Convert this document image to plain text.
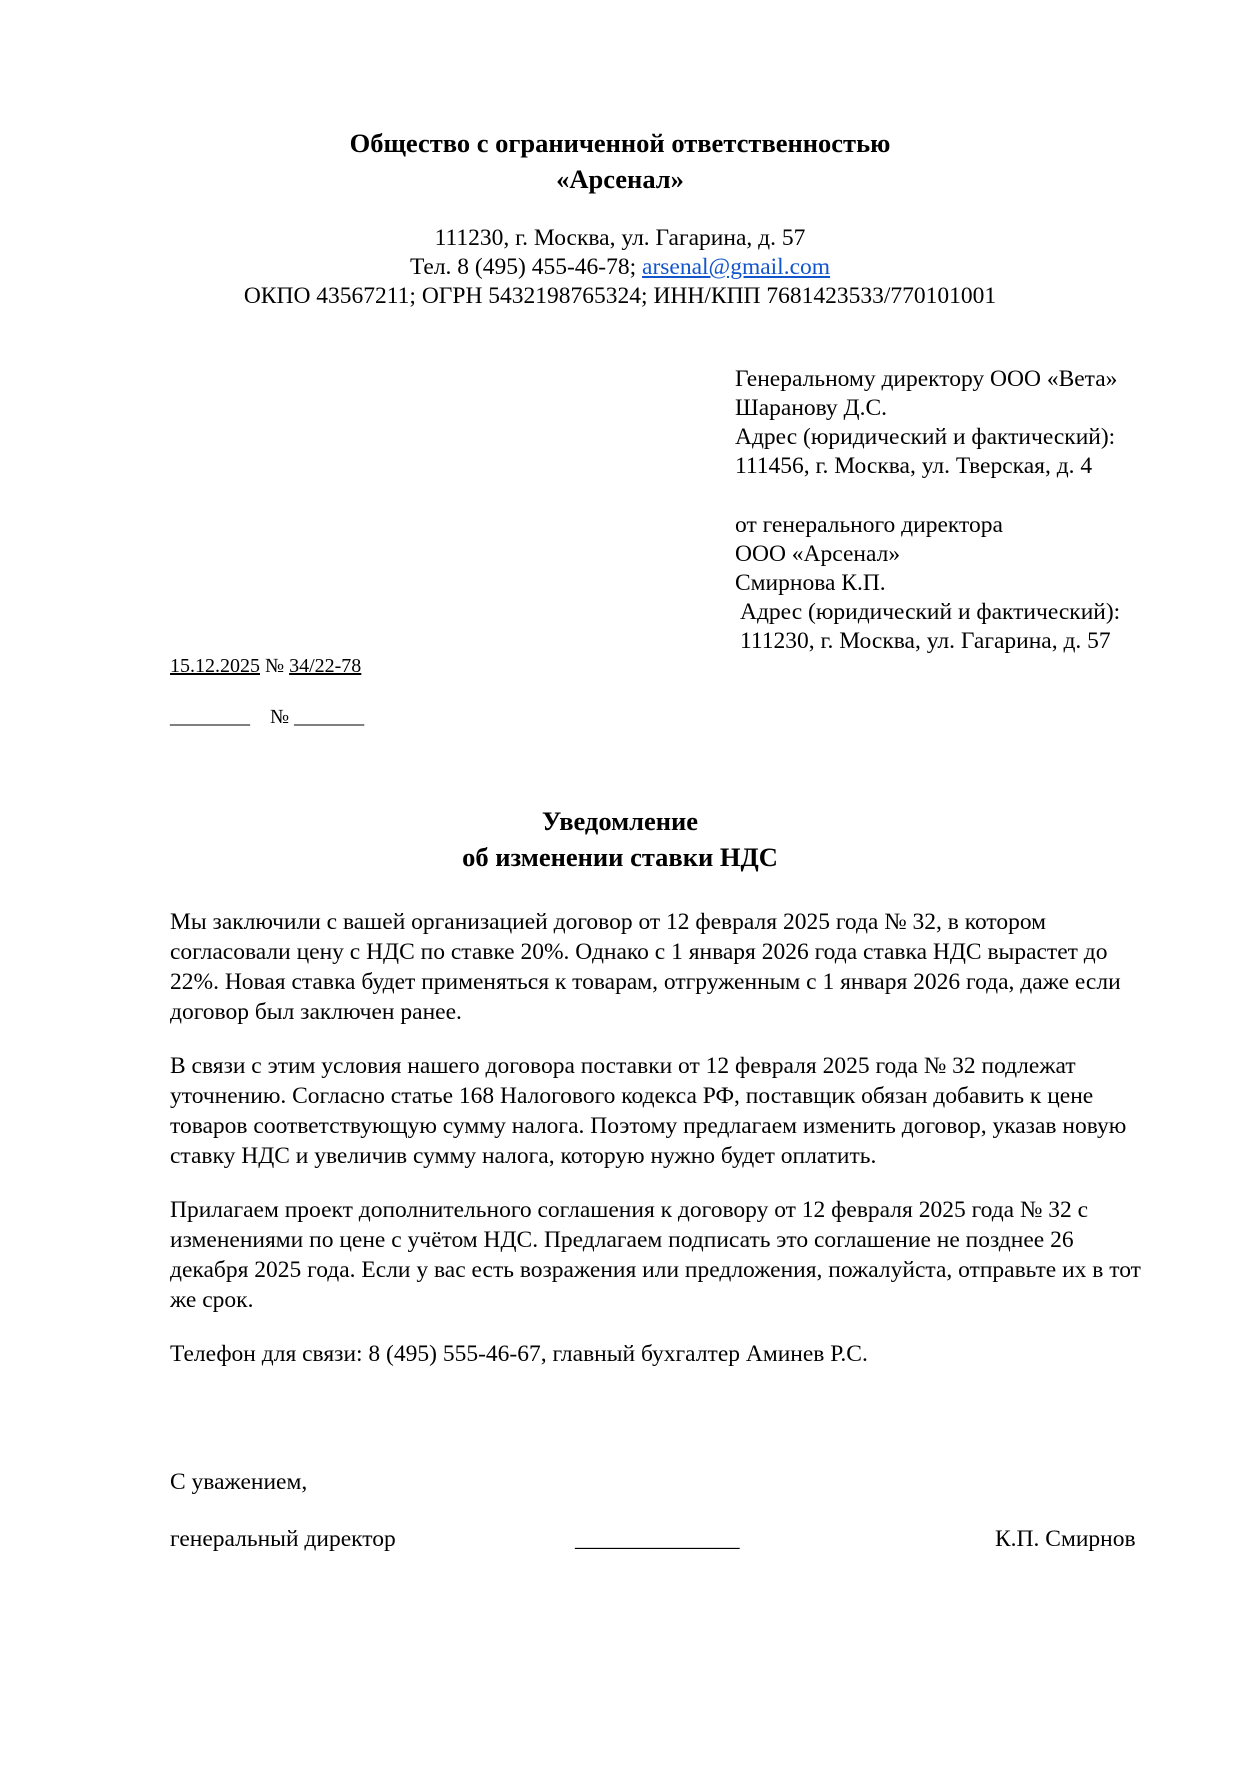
Общество с ограниченной ответственностью
«Арсенал»
111230, г. Москва, ул. Гагарина, д. 57
Тел. 8 (495) 455-46-78; arsenal@gmail.com
ОКПО 43567211; ОГРН 5432198765324; ИНН/КПП 7681423533/770101001
Генеральному директору ООО «Вета»
Шаранову Д.С.
Адрес (юридический и фактический):
111456, г. Москва, ул. Тверская, д. 4
от генерального директора
ООО «Арсенал»
Смирнова К.П.
Адрес (юридический и фактический):
111230, г. Москва, ул. Гагарина, д. 57
15.12.2025 № 34/22-78
________ № _______
Уведомление
об изменении ставки НДС

Мы заключили с вашей организацией договор от 12 февраля 2025 года № 32, в котором согласовали цену с НДС по ставке 20%. Однако с 1 января 2026 года ставка НДС вырастет до 22%. Новая ставка будет применяться к товарам, отгруженным с 1 января 2026 года, даже если договор был заключен ранее.

В связи с этим условия нашего договора поставки от 12 февраля 2025 года № 32 подлежат уточнению. Согласно статье 168 Налогового кодекса РФ, поставщик обязан добавить к цене товаров соответствующую сумму налога. Поэтому предлагаем изменить договор, указав новую ставку НДС и увеличив сумму налога, которую нужно будет оплатить.

Прилагаем проект дополнительного соглашения к договору от 12 февраля 2025 года № 32 с изменениями по цене с учётом НДС. Предлагаем подписать это соглашение не позднее 26 декабря 2025 года. Если у вас есть возражения или предложения, пожалуйста, отправьте их в тот же срок.

Телефон для связи: 8 (495) 555-46-67, главный бухгалтер Аминев Р.С.

С уважением,
генеральный директор	______________	К.П. Смирнов
